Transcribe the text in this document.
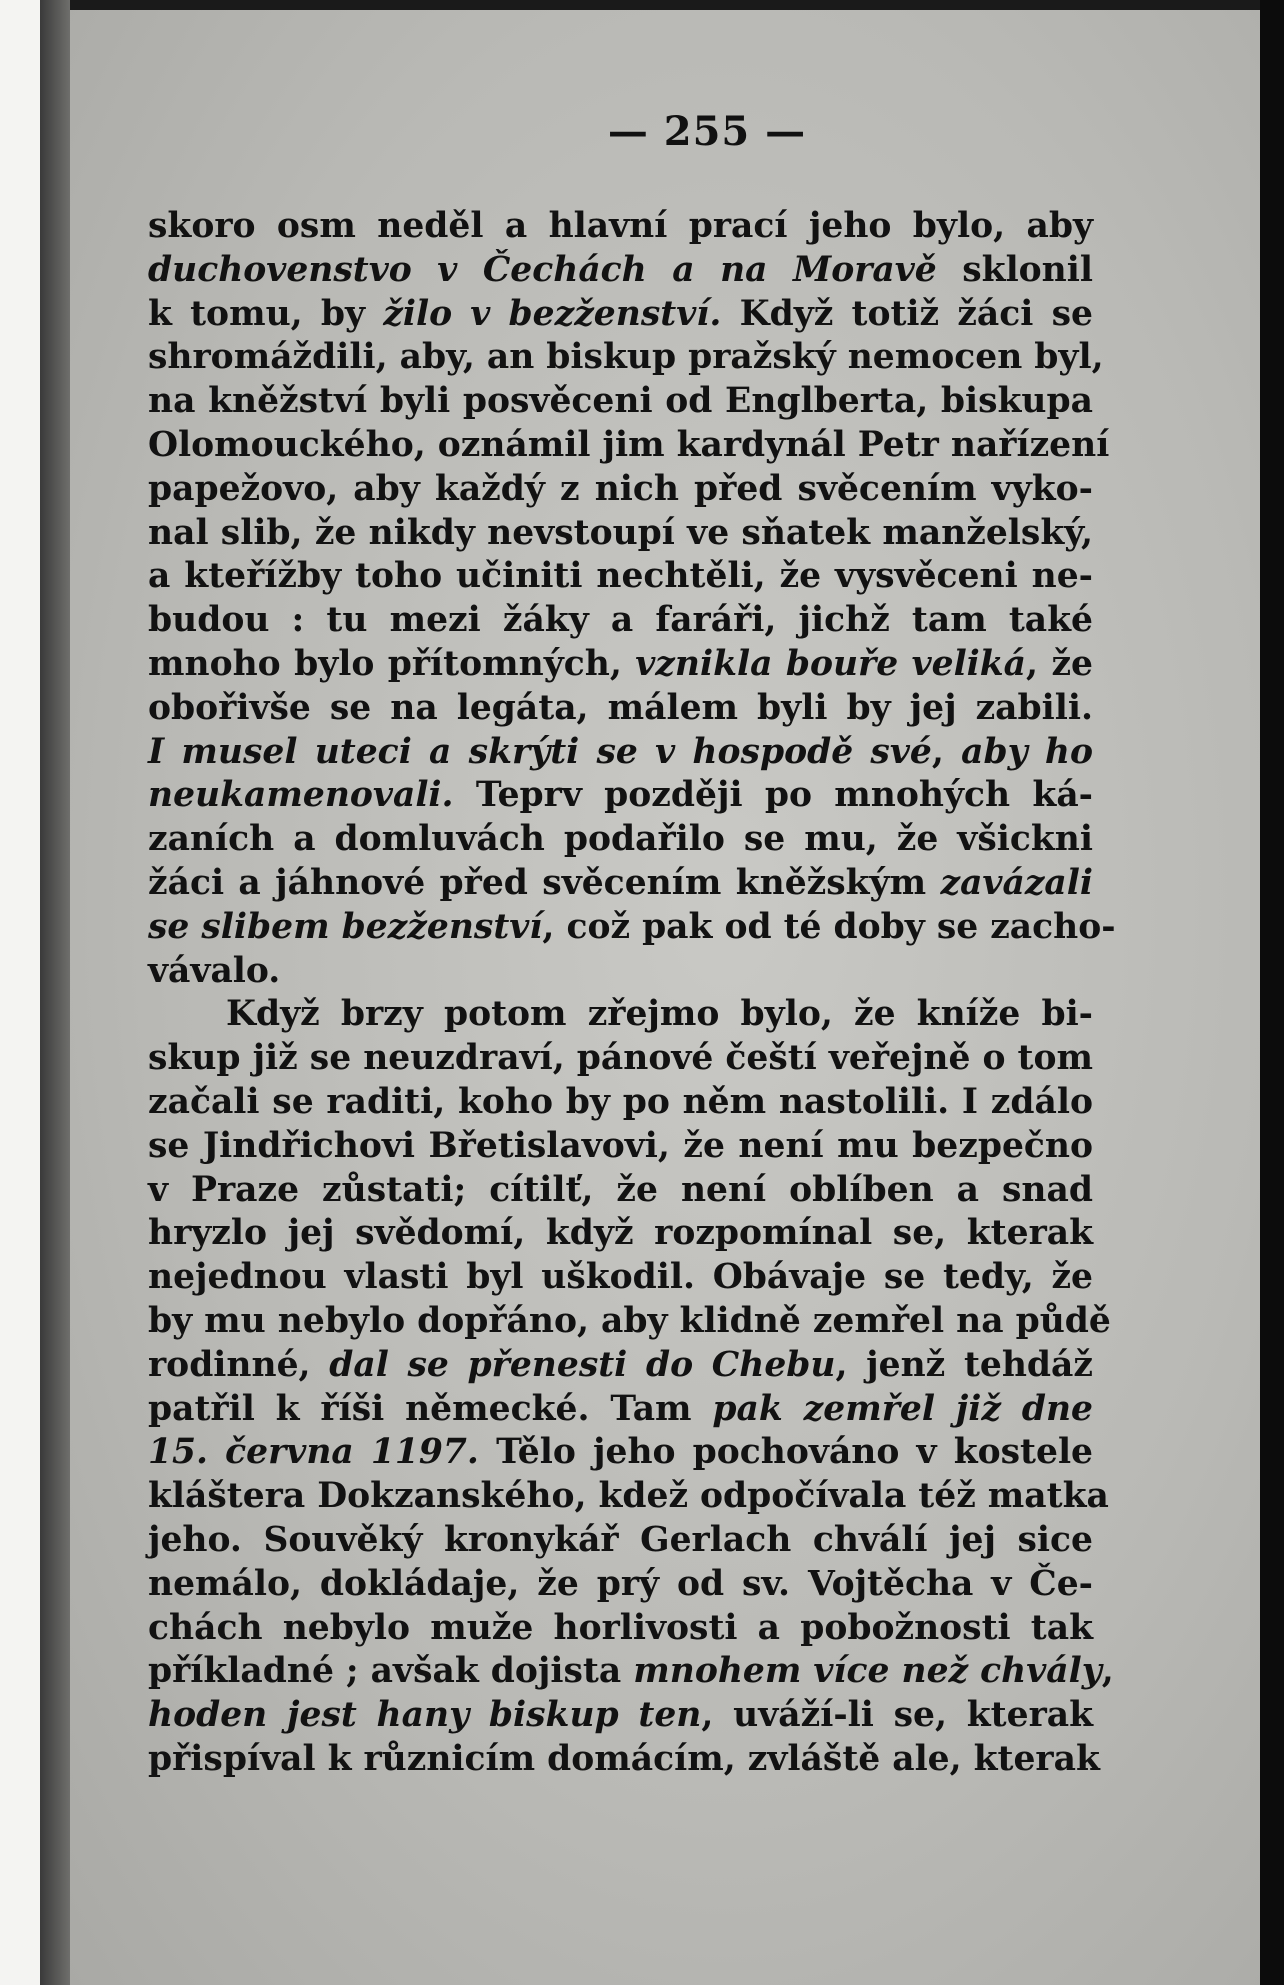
— 255 —
skoro osm neděl a hlavní prací jeho bylo, aby
duchovenstvo v Čechách a na Moravě sklonil
k tomu, by žilo v bezženství. Když totiž žáci se
shromáždili, aby, an biskup pražský nemocen byl,
na kněžství byli posvěceni od Englberta, biskupa
Olomouckého, oznámil jim kardynál Petr nařízení
papežovo, aby každý z nich před svěcením vyko-
nal slib, že nikdy nevstoupí ve sňatek manželský,
a kteřížby toho učiniti nechtěli, že vysvěceni ne-
budou : tu mezi žáky a faráři, jichž tam také
mnoho bylo přítomných, vznikla bouře veliká, že
obořivše se na legáta, málem byli by jej zabili.
I musel uteci a skrýti se v hospodě své, aby ho
neukamenovali. Teprv později po mnohých ká-
zaních a domluvách podařilo se mu, že všickni
žáci a jáhnové před svěcením kněžským zavázali
se slibem bezženství, což pak od té doby se zacho-
vávalo.
Když brzy potom zřejmo bylo, že kníže bi-
skup již se neuzdraví, pánové čeští veřejně o tom
začali se raditi, koho by po něm nastolili. I zdálo
se Jindřichovi Břetislavovi, že není mu bezpečno
v Praze zůstati; cítilť, že není oblíben a snad
hryzlo jej svědomí, když rozpomínal se, kterak
nejednou vlasti byl uškodil. Obávaje se tedy, že
by mu nebylo dopřáno, aby klidně zemřel na půdě
rodinné, dal se přenesti do Chebu, jenž tehdáž
patřil k říši německé. Tam pak zemřel již dne
15. června 1197. Tělo jeho pochováno v kostele
kláštera Dokzanského, kdež odpočívala též matka
jeho. Souvěký kronykář Gerlach chválí jej sice
nemálo, dokládaje, že prý od sv. Vojtěcha v Če-
chách nebylo muže horlivosti a pobožnosti tak
příkladné ; avšak dojista mnohem více než chvály
hoden jest hany biskup ten, uváží-li se, kterak
přispíval k různicím domácím, zvláště ale, kterak
